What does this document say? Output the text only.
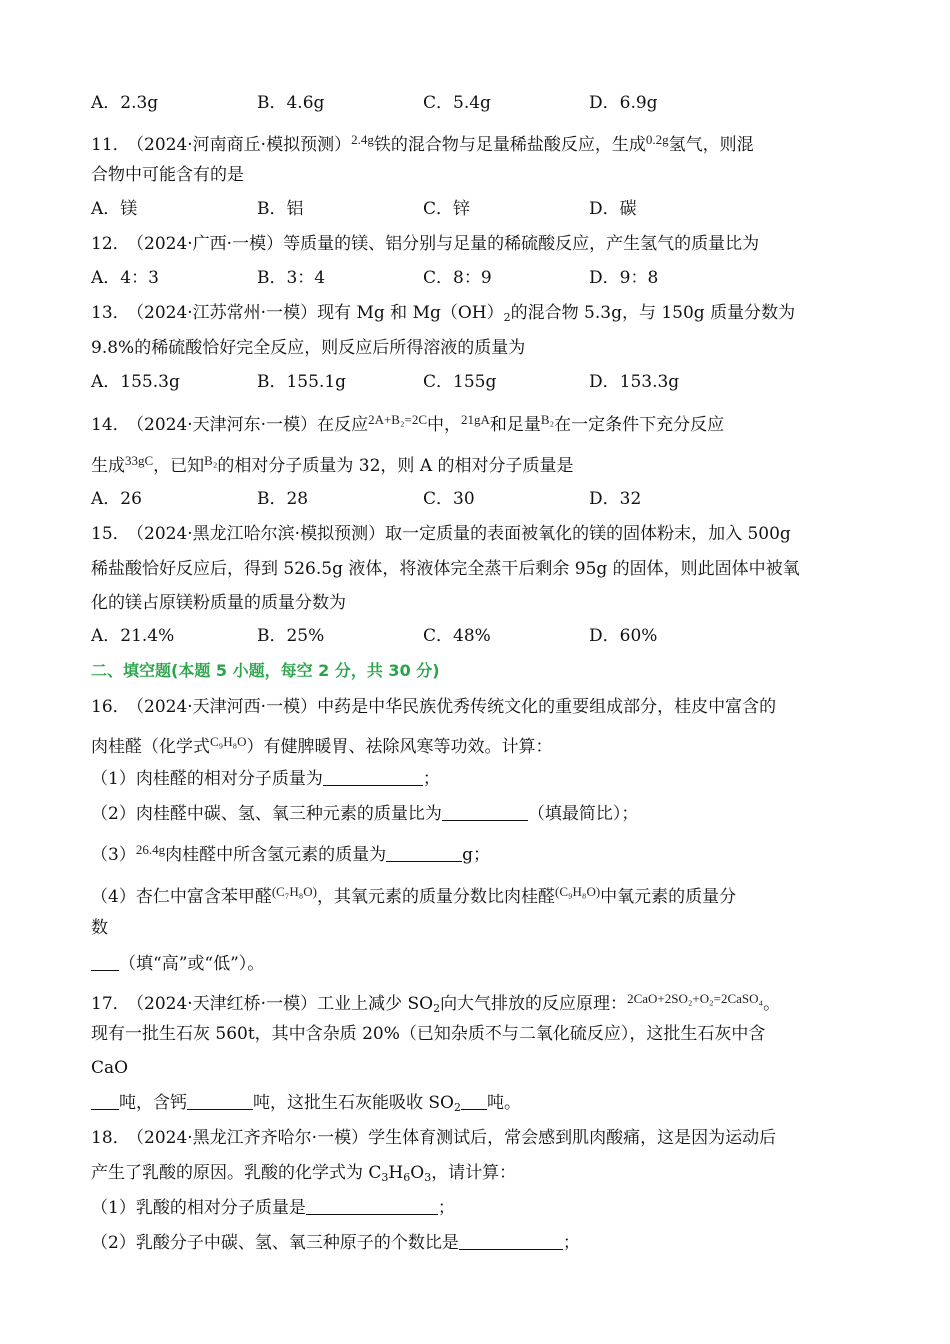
A．2.3g	B．4.6g	C．5.4g	D．6.9g
11．（2024·河南商丘·模拟预测）$^{2.4g}$铁的混合物与足量稀盐酸反应，生成$^{0.2g}$氢气，则混
合物中可能含有的是
A．镁	B．铝	C．锌	D．碳
12．（2024·广西·一模）等质量的镁、铝分别与足量的稀硫酸反应，产生氢气的质量比为
A．4：3	B．3：4	C．8：9	D．9：8
13．（2024·江苏常州·一模）现有 Mg 和 $Mg(OH)_2$的混合物 5.3g，与 150g 质量分数为
9.8%的稀硫酸恰好完全反应，则反应后所得溶液的质量为
A．155.3g	B．155.1g	C．155g	D．153.3g
14．（2024·天津河东·一模）在反应$^{2A+B_2=2C}$中，$^{21gA}$和足量$^{B_2}$在一定条件下充分反应
生成$^{33gC}$，已知$^{B_2}$的相对分子质量为 32，则 A 的相对分子质量是
A．26	B．28	C．30	D．32
15．（2024·黑龙江哈尔滨·模拟预测）取一定质量的表面被氧化的镁的固体粉末，加入 500g
稀盐酸恰好反应后，得到 526.5g 液体，将液体完全蒸干后剩余 95g 的固体，则此固体中被氧
化的镁占原镁粉质量的质量分数为
A．21.4%	B．25%	C．48%	D．60%
二、填空题(本题 5 小题，每空 2 分，共 30 分)
16．（2024·天津河西·一模）中药是中华民族优秀传统文化的重要组成部分，桂皮中富含的
肉桂醛（化学式$^{C_9H_8O}$）有健脾暖胃、祛除风寒等功效。计算：
（1）肉桂醛的相对分子质量为	；
（2）肉桂醛中碳、氢、氧三种元素的质量比为	（填最简比）；
$(3)^{26.4g}$肉桂醛中所含氢元素的质量为	g；
（4）杏仁中富含苯甲醛$^{(C_7H_8O)}$，其氧元素的质量分数比肉桂醛$^{(C_9H_8O)}$中氧元素的质量分
数
（填“高”或“低”）。
17．（2024·天津红桥·一模）工业上减少 $SO_2$向大气排放的反应原理：$^{2CaO+2SO_2+O_2=2CaSO_4}$。
现有一批生石灰 560t，其中含杂质 20%（已知杂质不与二氧化硫反应），这批生石灰中含
CaO
吨，含钙	吨，这批生石灰能吸收 $SO_2$ 吨。
18．（2024·黑龙江齐齐哈尔·一模）学生体育测试后，常会感到肌肉酸痛，这是因为运动后
产生了乳酸的原因。乳酸的化学式为 $C_3H_6O_3$，请计算：
（1）乳酸的相对分子质量是	；
（2）乳酸分子中碳、氢、氧三种原子的个数比是	；
